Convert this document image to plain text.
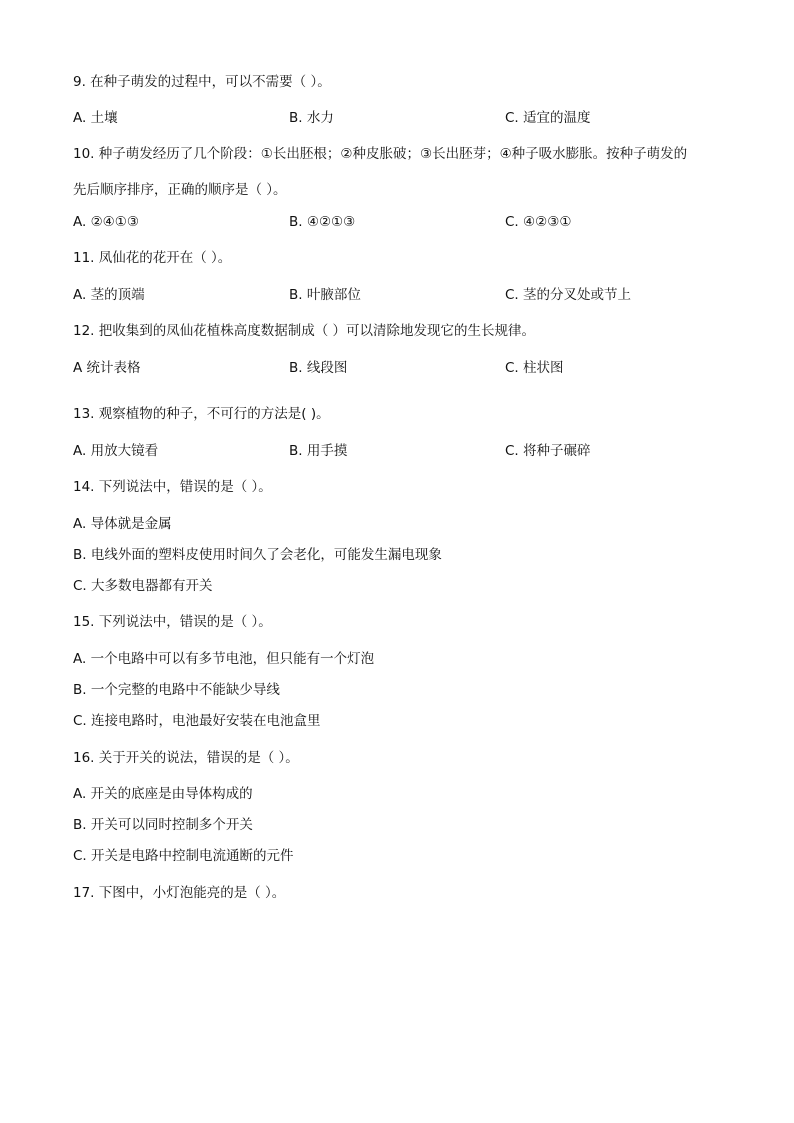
9. 在种子萌发的过程中，可以不需要（ ）。
A. 土壤	B. 水力	C. 适宜的温度
10. 种子萌发经历了几个阶段：①长出胚根；②种皮胀破；③长出胚芽；④种子吸水膨胀。按种子萌发的
先后顺序排序，正确的顺序是（ ）。
A. ②④①③	B. ④②①③	C. ④②③①
11. 凤仙花的花开在（ ）。
A. 茎的顶端	B. 叶腋部位	C. 茎的分叉处或节上
12. 把收集到的凤仙花植株高度数据制成（ ）可以清除地发现它的生长规律。
A 统计表格	B. 线段图	C. 柱状图
13. 观察植物的种子，不可行的方法是( )。
A. 用放大镜看	B. 用手摸	C. 将种子碾碎
14. 下列说法中，错误的是（ ）。
A. 导体就是金属
B. 电线外面的塑料皮使用时间久了会老化，可能发生漏电现象
C. 大多数电器都有开关
15. 下列说法中，错误的是（ ）。
A. 一个电路中可以有多节电池，但只能有一个灯泡
B. 一个完整的电路中不能缺少导线
C. 连接电路时，电池最好安装在电池盒里
16. 关于开关的说法，错误的是（ ）。
A. 开关的底座是由导体构成的
B. 开关可以同时控制多个开关
C. 开关是电路中控制电流通断的元件
17. 下图中，小灯泡能亮的是（ ）。
